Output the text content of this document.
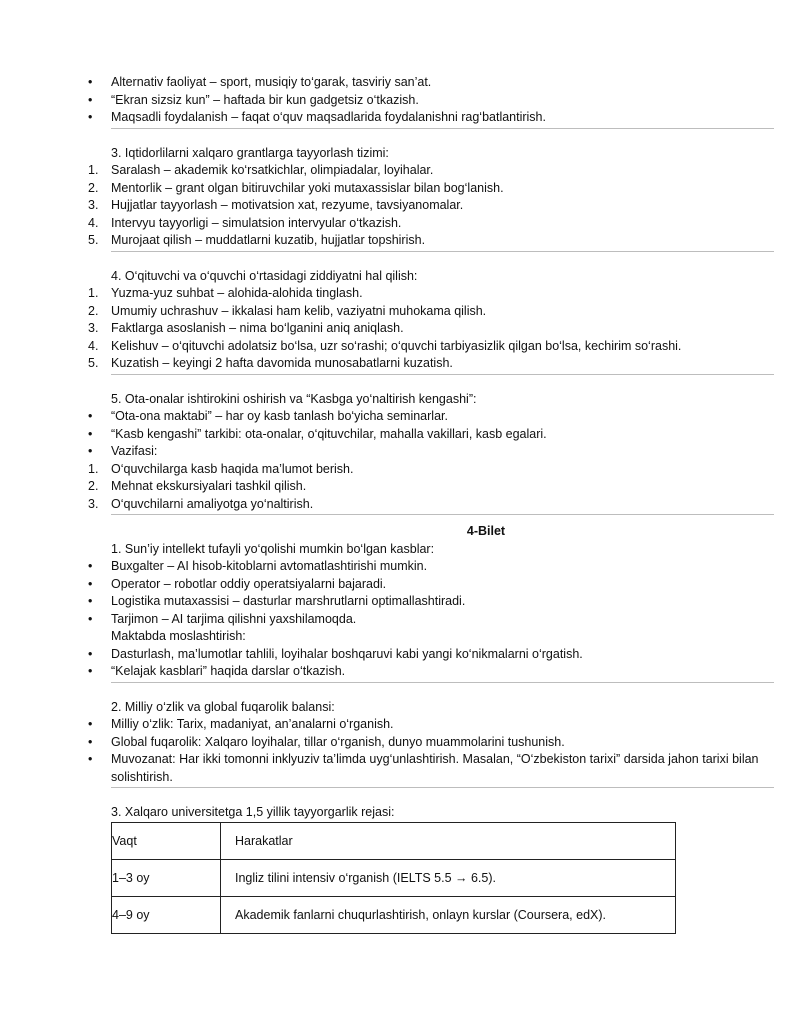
•	Alternativ faoliyat – sport, musiqiy to‘garak, tasviriy san’at.
•	“Ekran sizsiz kun” – haftada bir kun gadgetsiz o‘tkazish.
•	Maqsadli foydalanish – faqat o‘quv maqsadlarida foydalanishni rag‘batlantirish.
3. Iqtidorlilarni xalqaro grantlarga tayyorlash tizimi:
1.	Saralash – akademik ko‘rsatkichlar, olimpiadalar, loyihalar.
2.	Mentorlik – grant olgan bitiruvchilar yoki mutaxassislar bilan bog‘lanish.
3.	Hujjatlar tayyorlash – motivatsion xat, rezyume, tavsiyanomalar.
4.	Intervyu tayyorligi – simulatsion intervyular o‘tkazish.
5.	Murojaat qilish – muddatlarni kuzatib, hujjatlar topshirish.
4. O‘qituvchi va o‘quvchi o‘rtasidagi ziddiyatni hal qilish:
1.	Yuzma-yuz suhbat – alohida-alohida tinglash.
2.	Umumiy uchrashuv – ikkalasi ham kelib, vaziyatni muhokama qilish.
3.	Faktlarga asoslanish – nima bo‘lganini aniq aniqlash.
4.	Kelishuv – o‘qituvchi adolatsiz bo‘lsa, uzr so‘rashi; o‘quvchi tarbiyasizlik qilgan bo‘lsa, kechirim so‘rashi.
5.	Kuzatish – keyingi 2 hafta davomida munosabatlarni kuzatish.
5. Ota-onalar ishtirokini oshirish va “Kasbga yo‘naltirish kengashi”:
•	“Ota-ona maktabi” – har oy kasb tanlash bo‘yicha seminarlar.
•	“Kasb kengashi” tarkibi: ota-onalar, o‘qituvchilar, mahalla vakillari, kasb egalari.
•	Vazifasi:
1.	O‘quvchilarga kasb haqida ma’lumot berish.
2.	Mehnat ekskursiyalari tashkil qilish.
3.	O‘quvchilarni amaliyotga yo‘naltirish.
4-Bilet
1. Sun’iy intellekt tufayli yo‘qolishi mumkin bo‘lgan kasblar:
•	Buxgalter – AI hisob-kitoblarni avtomatlashtirishi mumkin.
•	Operator – robotlar oddiy operatsiyalarni bajaradi.
•	Logistika mutaxassisi – dasturlar marshrutlarni optimallashtiradi.
•	Tarjimon – AI tarjima qilishni yaxshilamoqda.
Maktabda moslashtirish:
•	Dasturlash, ma’lumotlar tahlili, loyihalar boshqaruvi kabi yangi ko‘nikmalarni o‘rgatish.
•	“Kelajak kasblari” haqida darslar o‘tkazish.
2. Milliy o‘zlik va global fuqarolik balansi:
•	Milliy o‘zlik: Tarix, madaniyat, an’analarni o‘rganish.
•	Global fuqarolik: Xalqaro loyihalar, tillar o‘rganish, dunyo muammolarini tushunish.
• Muvozanat: Har ikki tomonni inklyuziv ta’limda uyg‘unlashtirish. Masalan, “O‘zbekiston tarixi” darsida jahon tarixi bilan solishtirish.
3. Xalqaro universitetga 1,5 yillik tayyorgarlik rejasi:
Vaqt	Harakatlar
1–3 oy	Ingliz tilini intensiv o‘rganish (IELTS 5.5 → 6.5).
4–9 oy	Akademik fanlarni chuqurlashtirish, onlayn kurslar (Coursera, edX).
